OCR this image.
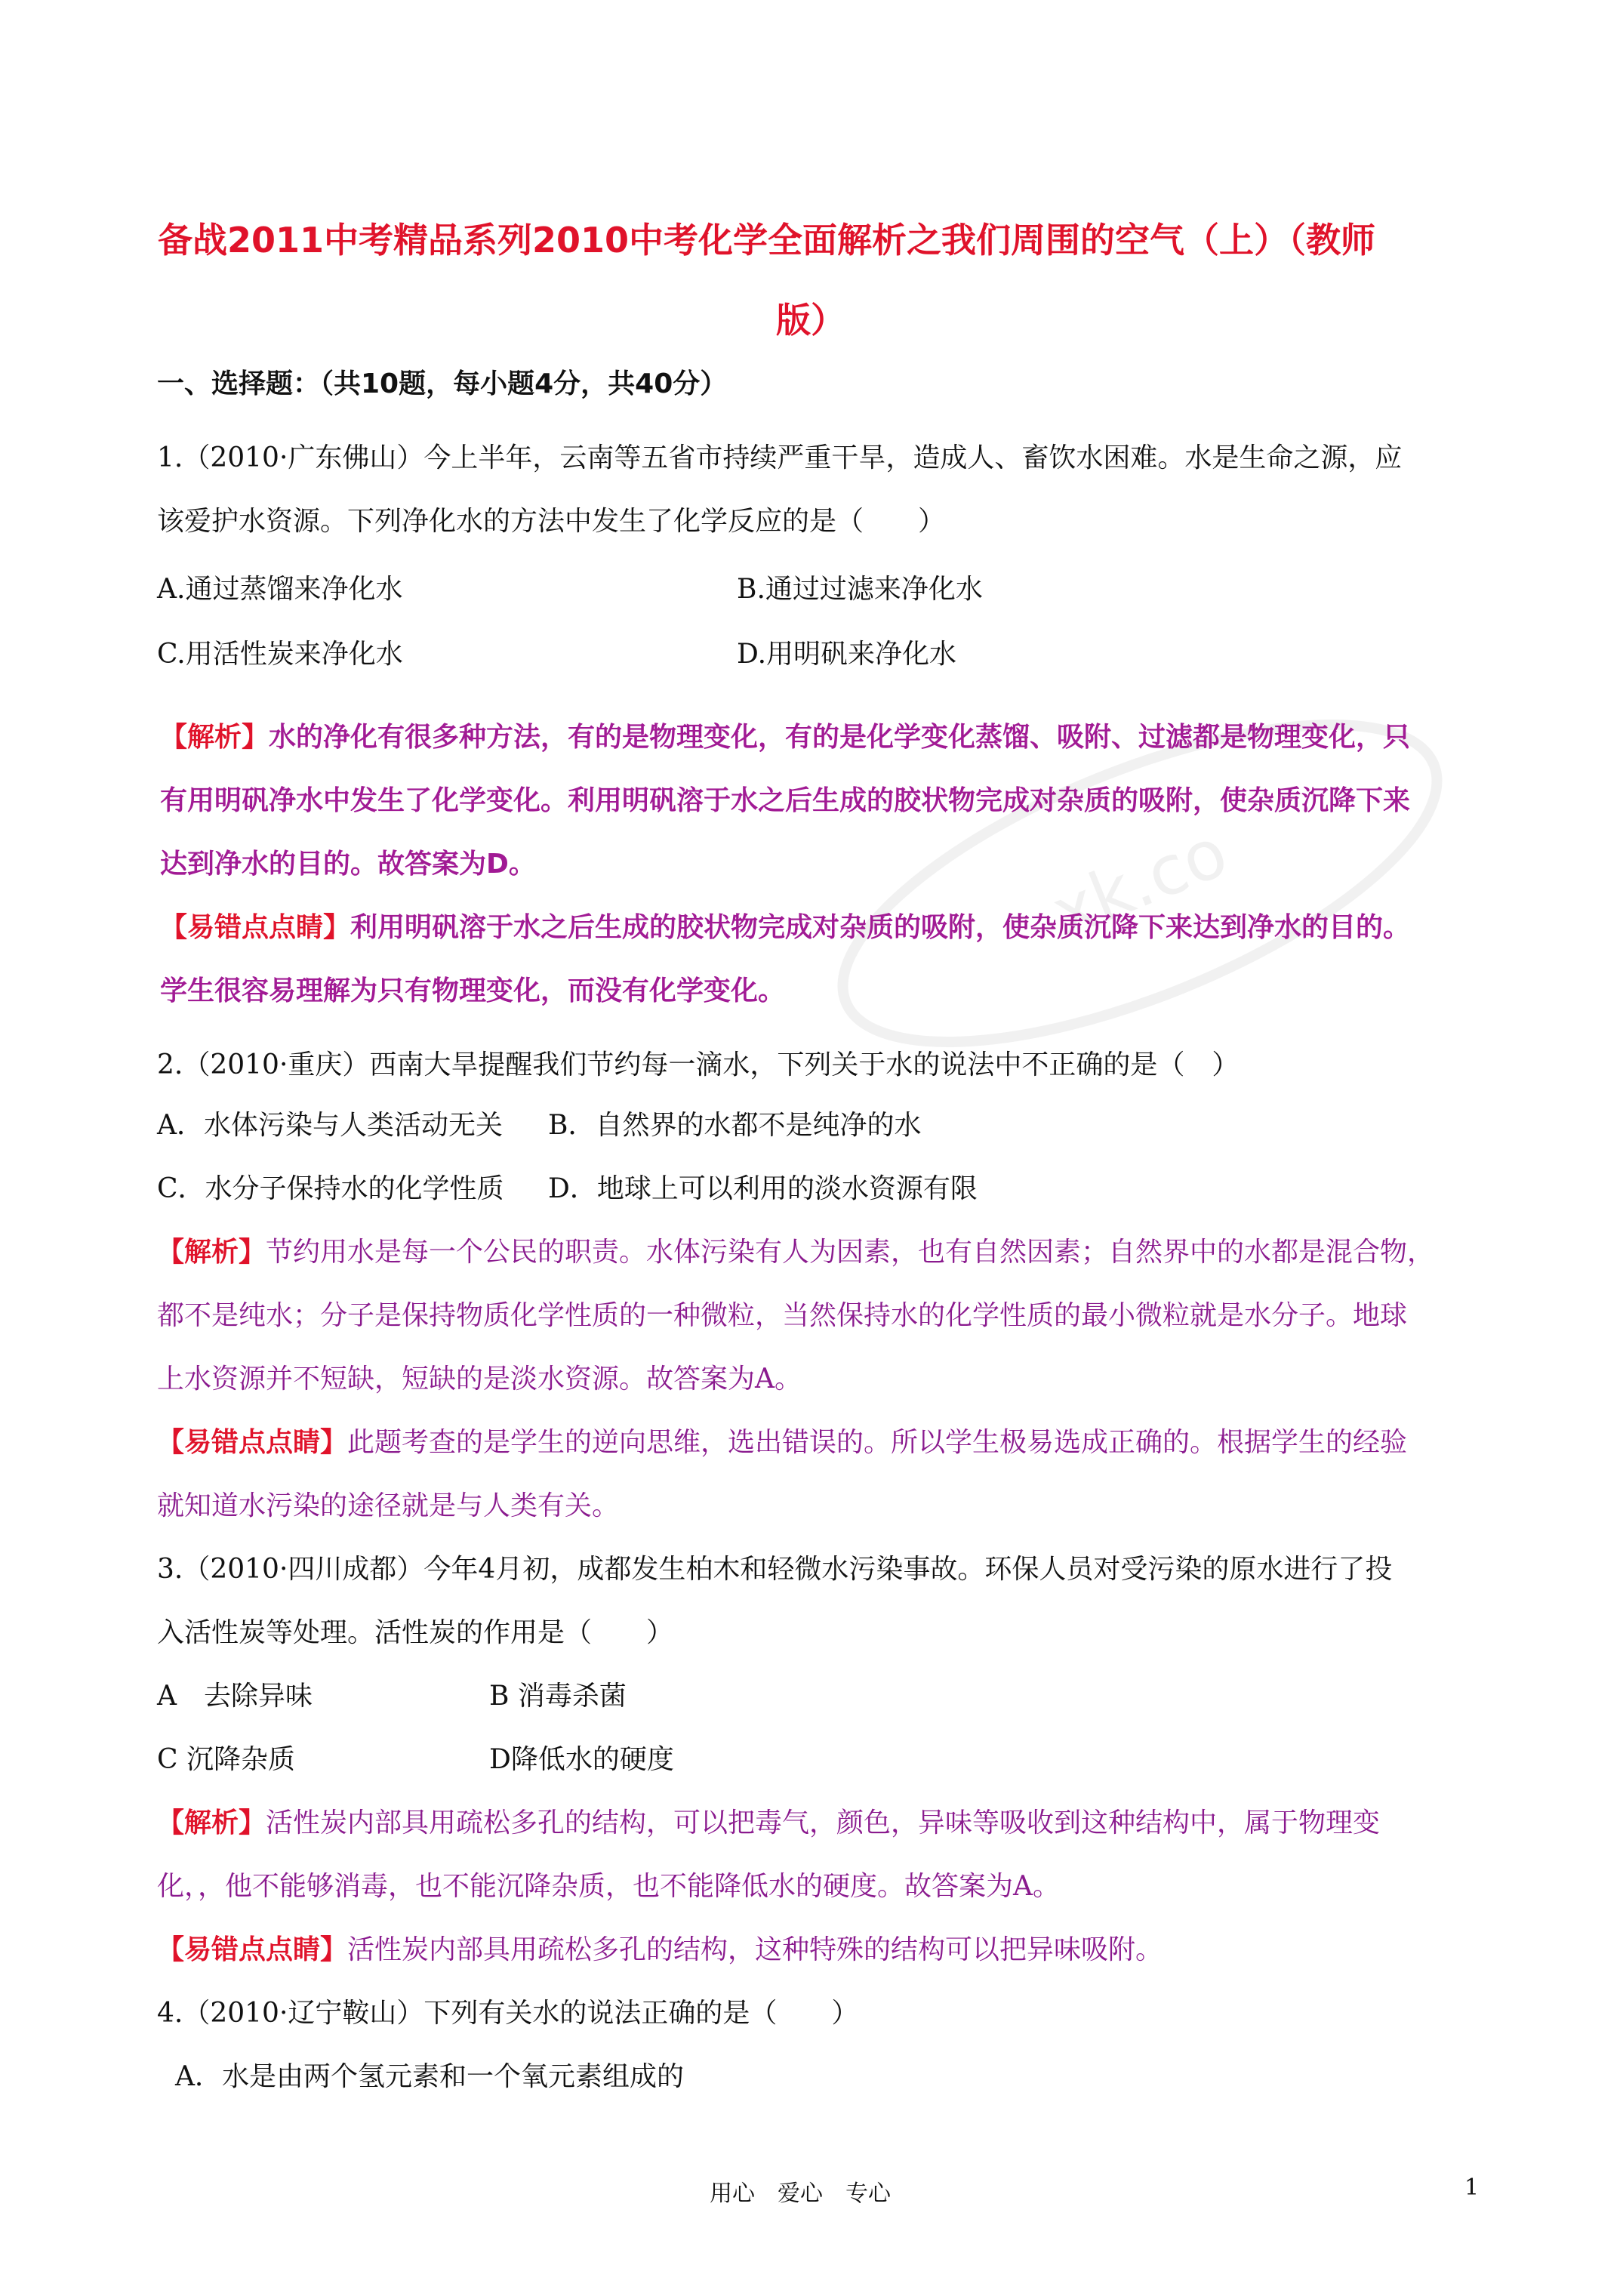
xk.co
备战2011中考精品系列2010中考化学全面解析之我们周围的空气（上）（教师
版）
一、选择题：（共10题，每小题4分，共40分）
1.（2010·广东佛山）今上半年，云南等五省市持续严重干旱，造成人、畜饮水困难。水是生命之源，应
该爱护水资源。下列净化水的方法中发生了化学反应的是（　　）
A.通过蒸馏来净化水	B.通过过滤来净化水
C.用活性炭来净化水	D.用明矾来净化水
【解析】水的净化有很多种方法，有的是物理变化，有的是化学变化蒸馏、吸附、过滤都是物理变化，只
有用明矾净水中发生了化学变化。利用明矾溶于水之后生成的胶状物完成对杂质的吸附，使杂质沉降下来
达到净水的目的。故答案为D。
【易错点点睛】利用明矾溶于水之后生成的胶状物完成对杂质的吸附，使杂质沉降下来达到净水的目的。
学生很容易理解为只有物理变化，而没有化学变化。
2.（2010·重庆）西南大旱提醒我们节约每一滴水，下列关于水的说法中不正确的是（　）
A．水体污染与人类活动无关 B．自然界的水都不是纯净的水
C．水分子保持水的化学性质 D．地球上可以利用的淡水资源有限
【解析】节约用水是每一个公民的职责。水体污染有人为因素，也有自然因素；自然界中的水都是混合物，
都不是纯水；分子是保持物质化学性质的一种微粒，当然保持水的化学性质的最小微粒就是水分子。地球
上水资源并不短缺，短缺的是淡水资源。故答案为A。
【易错点点睛】此题考查的是学生的逆向思维，选出错误的。所以学生极易选成正确的。根据学生的经验
就知道水污染的途径就是与人类有关。
3.（2010·四川成都）今年4月初，成都发生柏木和轻微水污染事故。环保人员对受污染的原水进行了投
入活性炭等处理。活性炭的作用是（　　）
A　去除异味	B 消毒杀菌
C 沉降杂质	D降低水的硬度
【解析】活性炭内部具用疏松多孔的结构，可以把毒气，颜色，异味等吸收到这种结构中，属于物理变
化，，他不能够消毒，也不能沉降杂质，也不能降低水的硬度。故答案为A。
【易错点点睛】活性炭内部具用疏松多孔的结构，这种特殊的结构可以把异味吸附。
4.（2010·辽宁鞍山）下列有关水的说法正确的是（　　）
A．水是由两个氢元素和一个氧元素组成的
用心　爱心　专心	1
